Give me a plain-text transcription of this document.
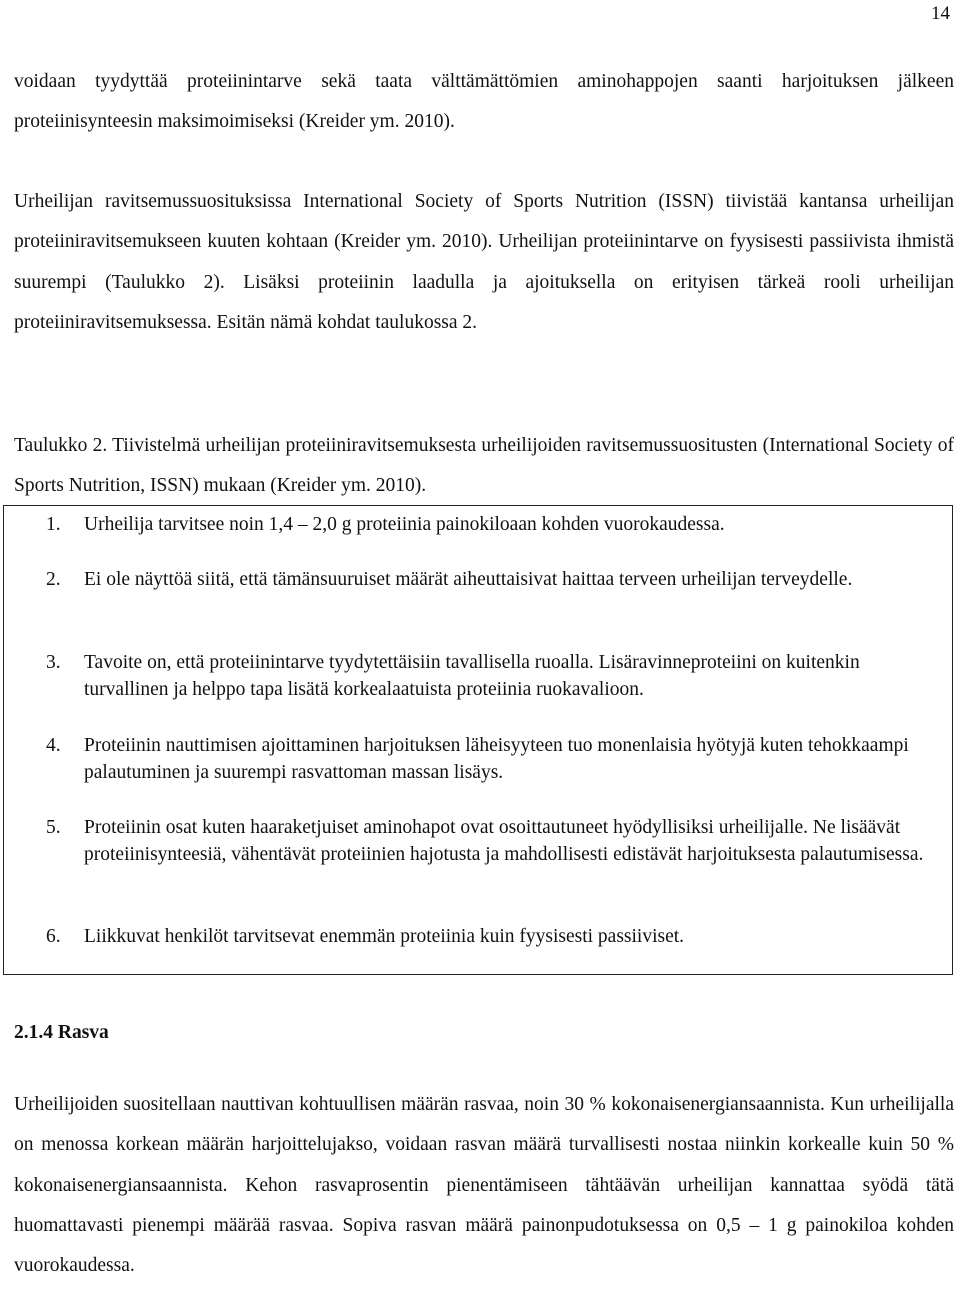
14

voidaan tyydyttää proteiinintarve sekä taata välttämättömien aminohappojen saanti harjoituksen jälkeen proteiinisynteesin maksimoimiseksi (Kreider ym. 2010).

Urheilijan ravitsemussuosituksissa International Society of Sports Nutrition (ISSN) tiivistää kantansa urheilijan proteiiniravitsemukseen kuuten kohtaan (Kreider ym. 2010). Urheilijan proteiinintarve on fyysisesti passiivista ihmistä suurempi (Taulukko 2). Lisäksi proteiinin laadulla ja ajoituksella on erityisen tärkeä rooli urheilijan proteiiniravitsemuksessa. Esitän nämä kohdat taulukossa 2.

Taulukko 2. Tiivistelmä urheilijan proteiiniravitsemuksesta urheilijoiden ravitsemussuositusten (International Society of Sports Nutrition, ISSN) mukaan (Kreider ym. 2010).

1.	Urheilija tarvitsee noin 1,4 – 2,0 g proteiinia painokiloaan kohden vuorokaudessa.
2.	Ei ole näyttöä siitä, että tämänsuuruiset määrät aiheuttaisivat haittaa terveen urheilijan terveydelle.
3.	Tavoite on, että proteiinintarve tyydytettäisiin tavallisella ruoalla. Lisäravinneproteiini on kuitenkin turvallinen ja helppo tapa lisätä korkealaatuista proteiinia ruokavalioon.
4.	Proteiinin nauttimisen ajoittaminen harjoituksen läheisyyteen tuo monenlaisia hyötyjä kuten tehokkaampi palautuminen ja suurempi rasvattoman massan lisäys.
5.	Proteiinin osat kuten haaraketjuiset aminohapot ovat osoittautuneet hyödyllisiksi urheilijalle. Ne lisäävät proteiinisynteesiä, vähentävät proteiinien hajotusta ja mahdollisesti edistävät harjoituksesta palautumisessa.
6.	Liikkuvat henkilöt tarvitsevat enemmän proteiinia kuin fyysisesti passiiviset.
2.1.4 Rasva

Urheilijoiden suositellaan nauttivan kohtuullisen määrän rasvaa, noin 30 % kokonaisenergiansaannista. Kun urheilijalla on menossa korkean määrän harjoittelujakso, voidaan rasvan määrä turvallisesti nostaa niinkin korkealle kuin 50 % kokonaisenergiansaannista. Kehon rasvaprosentin pienentämiseen tähtäävän urheilijan kannattaa syödä tätä huomattavasti pienempi määrää rasvaa. Sopiva rasvan määrä painonpudotuksessa on 0,5 – 1 g painokiloa kohden vuorokaudessa.
